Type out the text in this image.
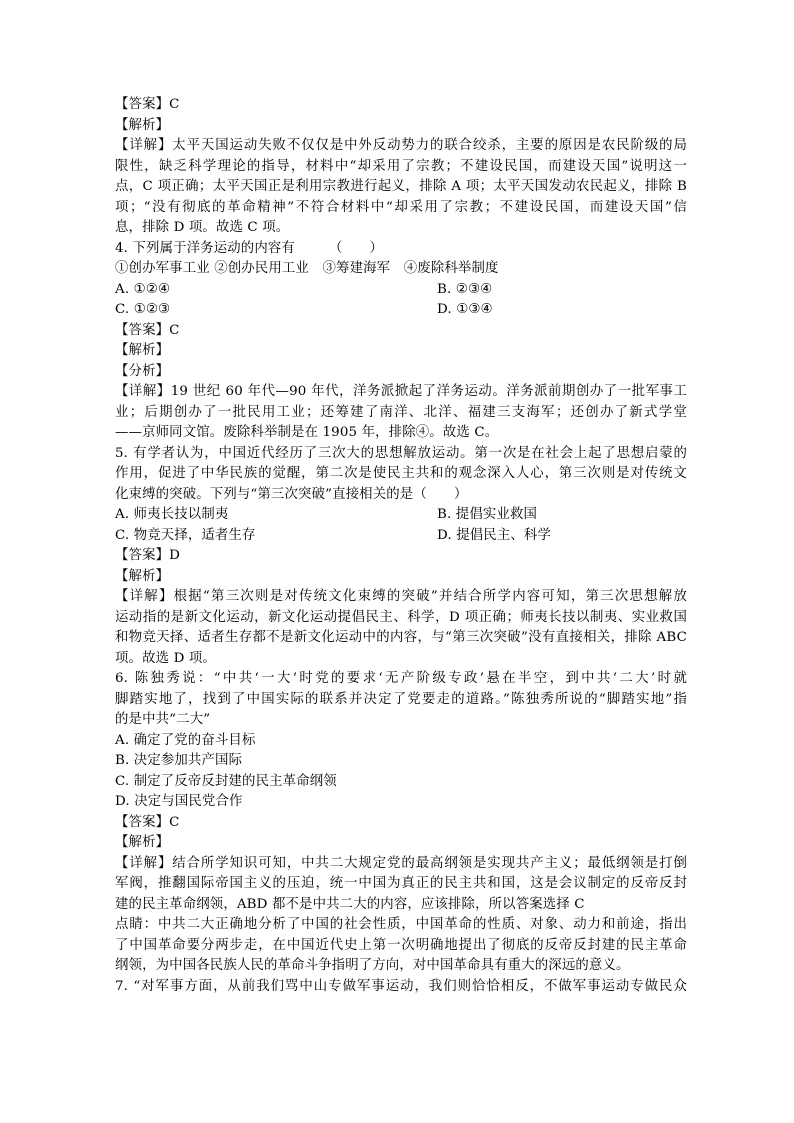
【答案】C
【解析】
【详解】太平天国运动失败不仅仅是中外反动势力的联合绞杀，主要的原因是农民阶级的局
限性，缺乏科学理论的指导，材料中“却采用了宗教；不建设民国，而建设天国”说明这一
点，C 项正确；太平天国正是利用宗教进行起义，排除 A 项；太平天国发动农民起义，排除 B
项；“没有彻底的革命精神”不符合材料中“却采用了宗教；不建设民国，而建设天国”信
息，排除 D 项。故选 C 项。
4. 下列属于洋务运动的内容有　　　（　　）
①创办军事工业 ②创办民用工业　③筹建海军　④废除科举制度
A. ①②④	B. ②③④
C. ①②③	D. ①③④
【答案】C
【解析】
【分析】
【详解】19 世纪 60 年代—90 年代，洋务派掀起了洋务运动。洋务派前期创办了一批军事工
业；后期创办了一批民用工业；还筹建了南洋、北洋、福建三支海军；还创办了新式学堂
——京师同文馆。废除科举制是在 1905 年，排除④。故选 C。
5. 有学者认为，中国近代经历了三次大的思想解放运动。第一次是在社会上起了思想启蒙的
作用，促进了中华民族的觉醒，第二次是使民主共和的观念深入人心，第三次则是对传统文
化束缚的突破。下列与“第三次突破”直接相关的是（　　）
A. 师夷长技以制夷	B. 提倡实业救国
C. 物竞天择，适者生存	D. 提倡民主、科学
【答案】D
【解析】
【详解】根据“第三次则是对传统文化束缚的突破”并结合所学内容可知，第三次思想解放
运动指的是新文化运动，新文化运动提倡民主、科学，D 项正确；师夷长技以制夷、实业救国
和物竞天择、适者生存都不是新文化运动中的内容，与“第三次突破”没有直接相关，排除 ABC
项。故选 D 项。
6. 陈独秀说：“中共‘一大’时党的要求‘无产阶级专政’悬在半空，到中共‘二大’时就
脚踏实地了，找到了中国实际的联系并决定了党要走的道路。”陈独秀所说的“脚踏实地”指
的是中共“二大”
A. 确定了党的奋斗目标
B. 决定参加共产国际
C. 制定了反帝反封建的民主革命纲领
D. 决定与国民党合作
【答案】C
【解析】
【详解】结合所学知识可知，中共二大规定党的最高纲领是实现共产主义；最低纲领是打倒
军阀，推翻国际帝国主义的压迫，统一中国为真正的民主共和国，这是会议制定的反帝反封
建的民主革命纲领，ABD 都不是中共二大的内容，应该排除，所以答案选择 C
点睛：中共二大正确地分析了中国的社会性质，中国革命的性质、对象、动力和前途，指出
了中国革命要分两步走，在中国近代史上第一次明确地提出了彻底的反帝反封建的民主革命
纲领，为中国各民族人民的革命斗争指明了方向，对中国革命具有重大的深远的意义。
7. “对军事方面，从前我们骂中山专做军事运动，我们则恰恰相反，不做军事运动专做民众
